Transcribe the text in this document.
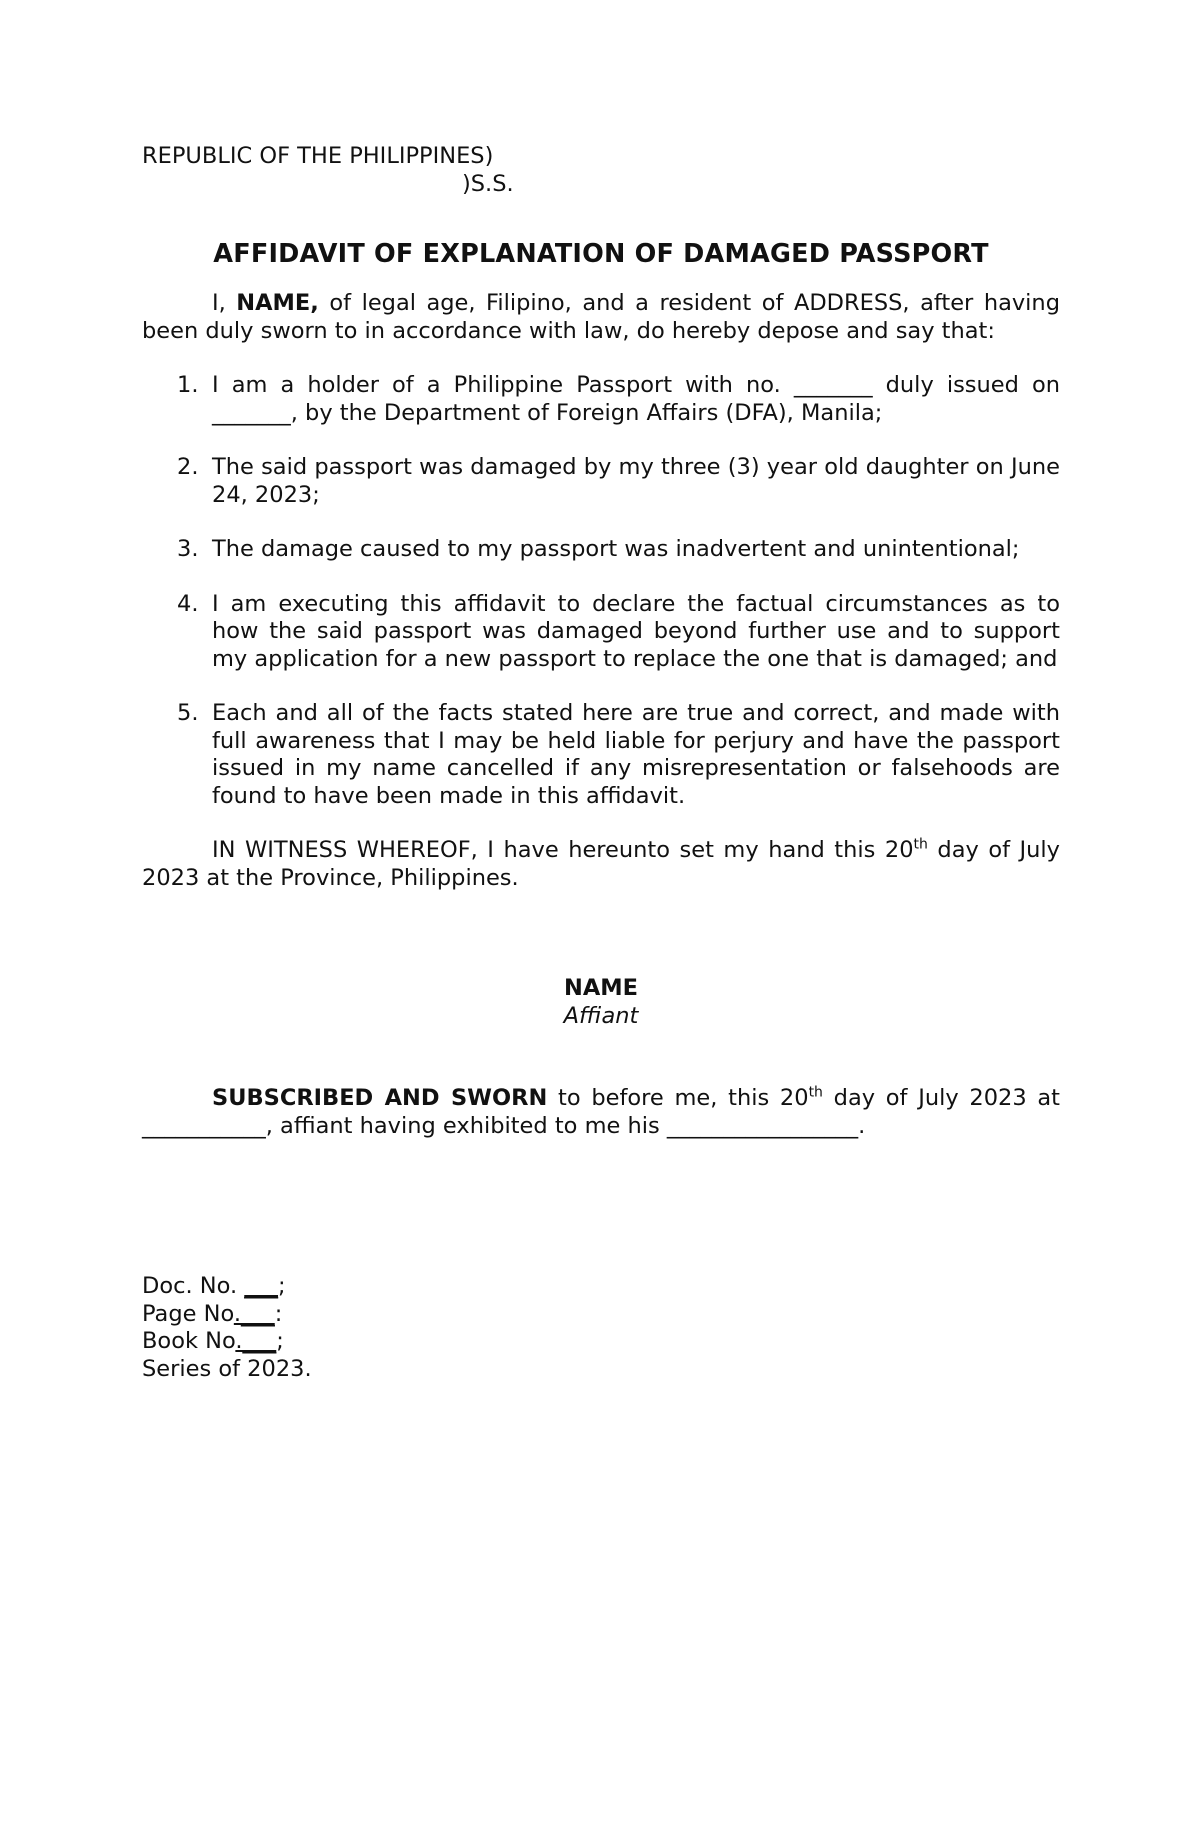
REPUBLIC OF THE PHILIPPINES)

)S.S.

AFFIDAVIT OF EXPLANATION OF DAMAGED PASSPORT

I, NAME, of legal age, Filipino, and a resident of ADDRESS, after having been duly sworn to in accordance with law, do hereby depose and say that:

1. I am a holder of a Philippine Passport with no. _______ duly issued on _______, by the Department of Foreign Affairs (DFA), Manila;
2. The said passport was damaged by my three (3) year old daughter on June 24, 2023;
3. The damage caused to my passport was inadvertent and unintentional;
4. I am executing this affidavit to declare the factual circumstances as to how the said passport was damaged beyond further use and to support my application for a new passport to replace the one that is damaged; and
5. Each and all of the facts stated here are true and correct, and made with full awareness that I may be held liable for perjury and have the passport issued in my name cancelled if any misrepresentation or falsehoods are found to have been made in this affidavit.

IN WITNESS WHEREOF, I have hereunto set my hand this 20th day of July 2023 at the Province, Philippines.

NAME
Affiant

SUBSCRIBED AND SWORN to before me, this 20th day of July 2023 at ___________, affiant having exhibited to me his _________________.

Doc. No. ___;

Page No.___:

Book No.___;

Series of 2023.
